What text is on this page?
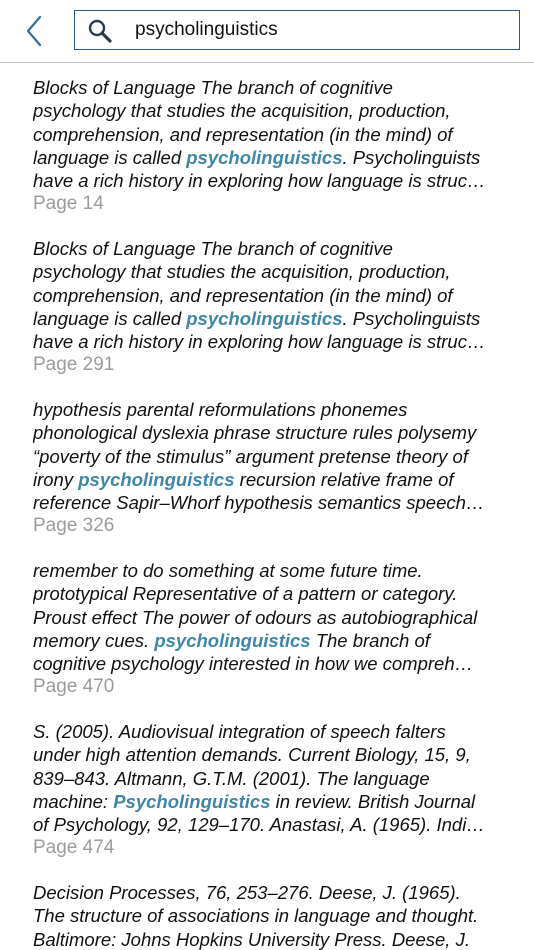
psycholinguistics
Blocks of Language The branch of cognitive
psychology that studies the acquisition, production,
comprehension, and representation (in the mind) of
language is called psycholinguistics. Psycholinguists
have a rich history in exploring how language is struc…
Page 14
Blocks of Language The branch of cognitive
psychology that studies the acquisition, production,
comprehension, and representation (in the mind) of
language is called psycholinguistics. Psycholinguists
have a rich history in exploring how language is struc…
Page 291
hypothesis parental reformulations phonemes
phonological dyslexia phrase structure rules polysemy
“poverty of the stimulus” argument pretense theory of
irony psycholinguistics recursion relative frame of
reference Sapir–Whorf hypothesis semantics speech…
Page 326
remember to do something at some future time.
prototypical Representative of a pattern or category.
Proust effect The power of odours as autobiographical
memory cues. psycholinguistics The branch of
cognitive psychology interested in how we compreh…
Page 470
S. (2005). Audiovisual integration of speech falters
under high attention demands. Current Biology, 15, 9,
839–843. Altmann, G.T.M. (2001). The language
machine: Psycholinguistics in review. British Journal
of Psychology, 92, 129–170. Anastasi, A. (1965). Indi…
Page 474
Decision Processes, 76, 253–276. Deese, J. (1965).
The structure of associations in language and thought.
Baltimore: Johns Hopkins University Press. Deese, J.
